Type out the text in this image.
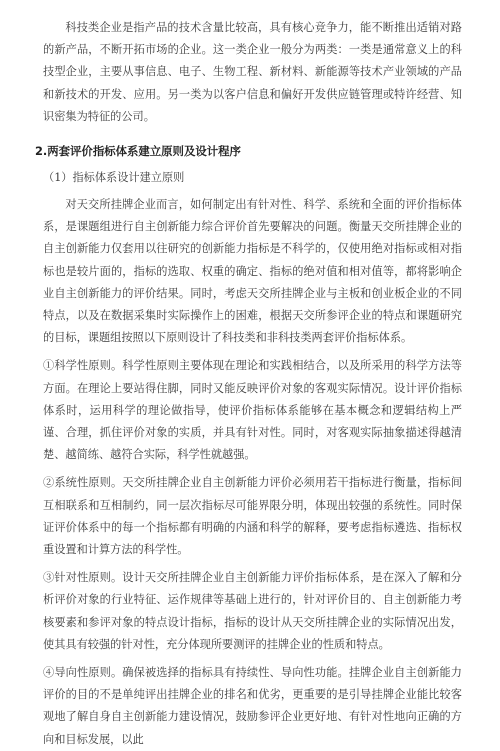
科技类企业是指产品的技术含量比较高，具有核心竞争力，能不断推出适销对路的新产品，不断开拓市场的企业。这一类企业一般分为两类：一类是通常意义上的科技型企业，主要从事信息、电子、生物工程、新材料、新能源等技术产业领域的产品和新技术的开发、应用。另一类为以客户信息和偏好开发供应链管理或特许经营、知识密集为特征的公司。

2.两套评价指标体系建立原则及设计程序
（1）指标体系设计建立原则

对天交所挂牌企业而言，如何制定出有针对性、科学、系统和全面的评价指标体系，是课题组进行自主创新能力综合评价首先要解决的问题。衡量天交所挂牌企业的自主创新能力仅套用以往研究的创新能力指标是不科学的，仅使用绝对指标或相对指标也是较片面的，指标的选取、权重的确定、指标的绝对值和相对值等，都将影响企业自主创新能力的评价结果。同时，考虑天交所挂牌企业与主板和创业板企业的不同特点，以及在数据采集时实际操作上的困难，根据天交所参评企业的特点和课题研究的目标，课题组按照以下原则设计了科技类和非科技类两套评价指标体系。

①科学性原则。科学性原则主要体现在理论和实践相结合，以及所采用的科学方法等方面。在理论上要站得住脚，同时又能反映评价对象的客观实际情况。设计评价指标体系时，运用科学的理论做指导，使评价指标体系能够在基本概念和逻辑结构上严谨、合理，抓住评价对象的实质，并具有针对性。同时，对客观实际抽象描述得越清楚、越简练、越符合实际，科学性就越强。

②系统性原则。天交所挂牌企业自主创新能力评价必须用若干指标进行衡量，指标间互相联系和互相制约，同一层次指标尽可能界限分明，体现出较强的系统性。同时保证评价体系中的每一个指标都有明确的内涵和科学的解释，要考虑指标遴选、指标权重设置和计算方法的科学性。

③针对性原则。设计天交所挂牌企业自主创新能力评价指标体系，是在深入了解和分析评价对象的行业特征、运作规律等基础上进行的，针对评价目的、自主创新能力考核要素和参评对象的特点设计指标，指标的设计从天交所挂牌企业的实际情况出发，使其具有较强的针对性，充分体现所要测评的挂牌企业的性质和特点。

④导向性原则。确保被选择的指标具有持续性、导向性功能。挂牌企业自主创新能力评价的目的不是单纯评出挂牌企业的排名和优劣，更重要的是引导挂牌企业能比较客观地了解自身自主创新能力建设情况，鼓励参评企业更好地、有针对性地向正确的方向和目标发展，以此
